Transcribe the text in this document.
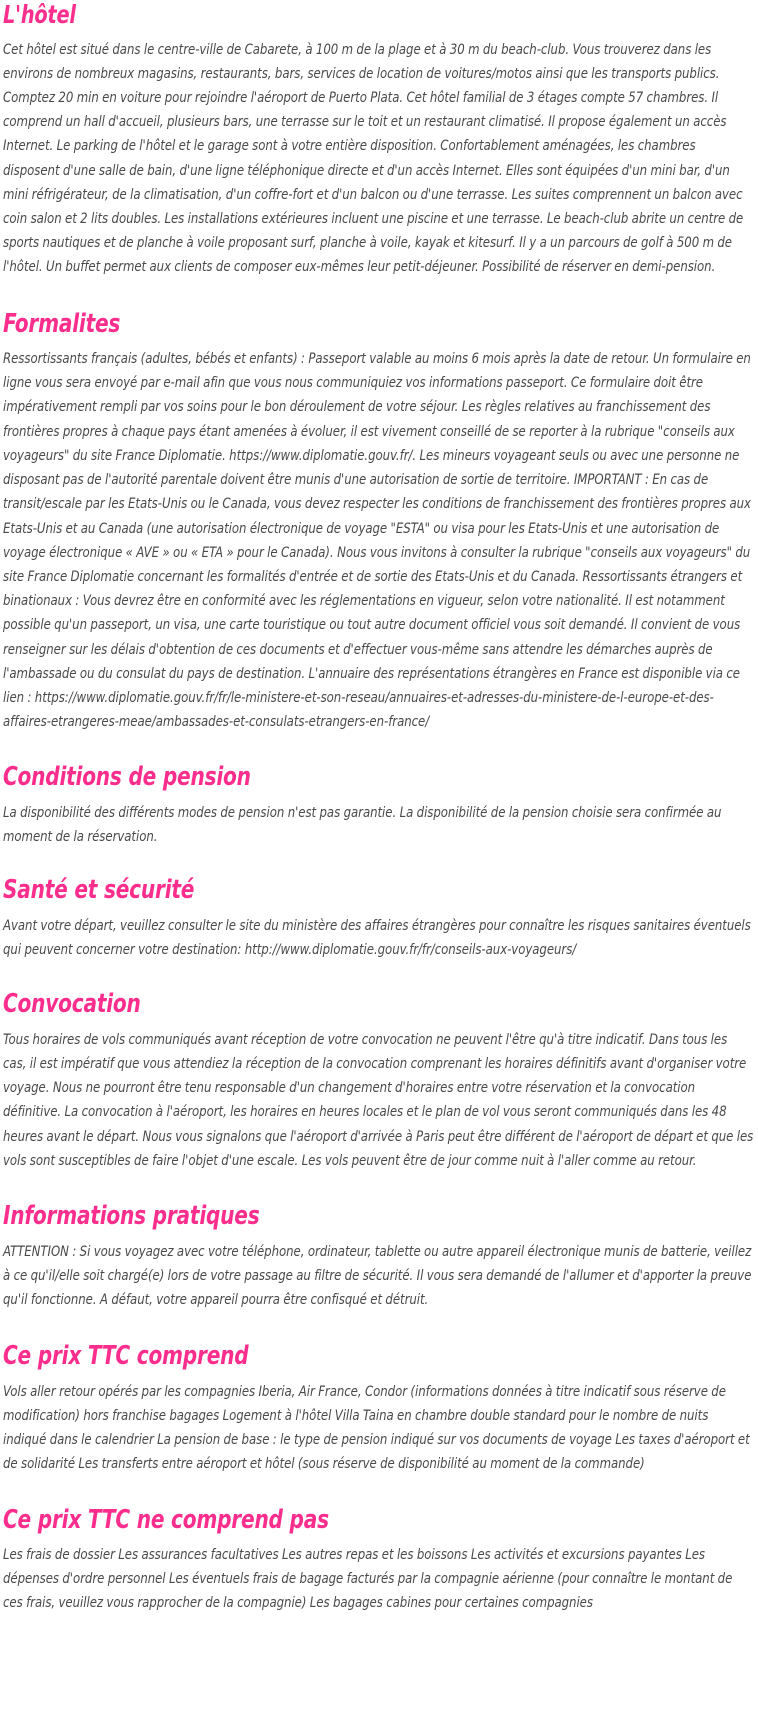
L'hôtel

Cet hôtel est situé dans le centre-ville de Cabarete, à 100 m de la plage et à 30 m du beach-club. Vous trouverez dans les environs de nombreux magasins, restaurants, bars, services de location de voitures/motos ainsi que les transports publics. Comptez 20 min en voiture pour rejoindre l'aéroport de Puerto Plata. Cet hôtel familial de 3 étages compte 57 chambres. Il comprend un hall d'accueil, plusieurs bars, une terrasse sur le toit et un restaurant climatisé. Il propose également un accès Internet. Le parking de l'hôtel et le garage sont à votre entière disposition. Confortablement aménagées, les chambres disposent d'une salle de bain, d'une ligne téléphonique directe et d'un accès Internet. Elles sont équipées d'un mini bar, d'un mini réfrigérateur, de la climatisation, d'un coffre-fort et d'un balcon ou d'une terrasse. Les suites comprennent un balcon avec coin salon et 2 lits doubles. Les installations extérieures incluent une piscine et une terrasse. Le beach-club abrite un centre de sports nautiques et de planche à voile proposant surf, planche à voile, kayak et kitesurf. Il y a un parcours de golf à 500 m de l'hôtel. Un buffet permet aux clients de composer eux-mêmes leur petit-déjeuner. Possibilité de réserver en demi-pension.

Formalites

Ressortissants français (adultes, bébés et enfants) : Passeport valable au moins 6 mois après la date de retour. Un formulaire en ligne vous sera envoyé par e-mail afin que vous nous communiquiez vos informations passeport. Ce formulaire doit être impérativement rempli par vos soins pour le bon déroulement de votre séjour. Les règles relatives au franchissement des frontières propres à chaque pays étant amenées à évoluer, il est vivement conseillé de se reporter à la rubrique "conseils aux voyageurs" du site France Diplomatie. https://www.diplomatie.gouv.fr/. Les mineurs voyageant seuls ou avec une personne ne disposant pas de l'autorité parentale doivent être munis d'une autorisation de sortie de territoire. IMPORTANT : En cas de transit/escale par les Etats-Unis ou le Canada, vous devez respecter les conditions de franchissement des frontières propres aux Etats-Unis et au Canada (une autorisation électronique de voyage "ESTA" ou visa pour les Etats-Unis et une autorisation de voyage électronique « AVE » ou « ETA » pour le Canada). Nous vous invitons à consulter la rubrique "conseils aux voyageurs" du site France Diplomatie concernant les formalités d'entrée et de sortie des Etats-Unis et du Canada. Ressortissants étrangers et binationaux : Vous devrez être en conformité avec les réglementations en vigueur, selon votre nationalité. Il est notamment possible qu'un passeport, un visa, une carte touristique ou tout autre document officiel vous soit demandé. Il convient de vous renseigner sur les délais d'obtention de ces documents et d'effectuer vous-même sans attendre les démarches auprès de l'ambassade ou du consulat du pays de destination. L'annuaire des représentations étrangères en France est disponible via ce lien : https://www.diplomatie.gouv.fr/fr/le-ministere-et-son-reseau/annuaires-et-adresses-du-ministere-de-l-europe-et-des-affaires-etrangeres-meae/ambassades-et-consulats-etrangers-en-france/

Conditions de pension

La disponibilité des différents modes de pension n'est pas garantie. La disponibilité de la pension choisie sera confirmée au moment de la réservation.

Santé et sécurité

Avant votre départ, veuillez consulter le site du ministère des affaires étrangères pour connaître les risques sanitaires éventuels qui peuvent concerner votre destination: http://www.diplomatie.gouv.fr/fr/conseils-aux-voyageurs/

Convocation

Tous horaires de vols communiqués avant réception de votre convocation ne peuvent l'être qu'à titre indicatif. Dans tous les cas, il est impératif que vous attendiez la réception de la convocation comprenant les horaires définitifs avant d'organiser votre voyage. Nous ne pourront être tenu responsable d'un changement d'horaires entre votre réservation et la convocation définitive. La convocation à l'aéroport, les horaires en heures locales et le plan de vol vous seront communiqués dans les 48 heures avant le départ. Nous vous signalons que l'aéroport d'arrivée à Paris peut être différent de l'aéroport de départ et que les vols sont susceptibles de faire l'objet d'une escale. Les vols peuvent être de jour comme nuit à l'aller comme au retour.

Informations pratiques

ATTENTION : Si vous voyagez avec votre téléphone, ordinateur, tablette ou autre appareil électronique munis de batterie, veillez à ce qu'il/elle soit chargé(e) lors de votre passage au filtre de sécurité. Il vous sera demandé de l'allumer et d'apporter la preuve qu'il fonctionne. A défaut, votre appareil pourra être confisqué et détruit.

Ce prix TTC comprend

Vols aller retour opérés par les compagnies Iberia, Air France, Condor (informations données à titre indicatif sous réserve de modification) hors franchise bagages Logement à l'hôtel Villa Taina en chambre double standard pour le nombre de nuits indiqué dans le calendrier La pension de base : le type de pension indiqué sur vos documents de voyage Les taxes d'aéroport et de solidarité Les transferts entre aéroport et hôtel (sous réserve de disponibilité au moment de la commande)

Ce prix TTC ne comprend pas

Les frais de dossier Les assurances facultatives Les autres repas et les boissons Les activités et excursions payantes Les dépenses d'ordre personnel Les éventuels frais de bagage facturés par la compagnie aérienne (pour connaître le montant de ces frais, veuillez vous rapprocher de la compagnie) Les bagages cabines pour certaines compagnies
